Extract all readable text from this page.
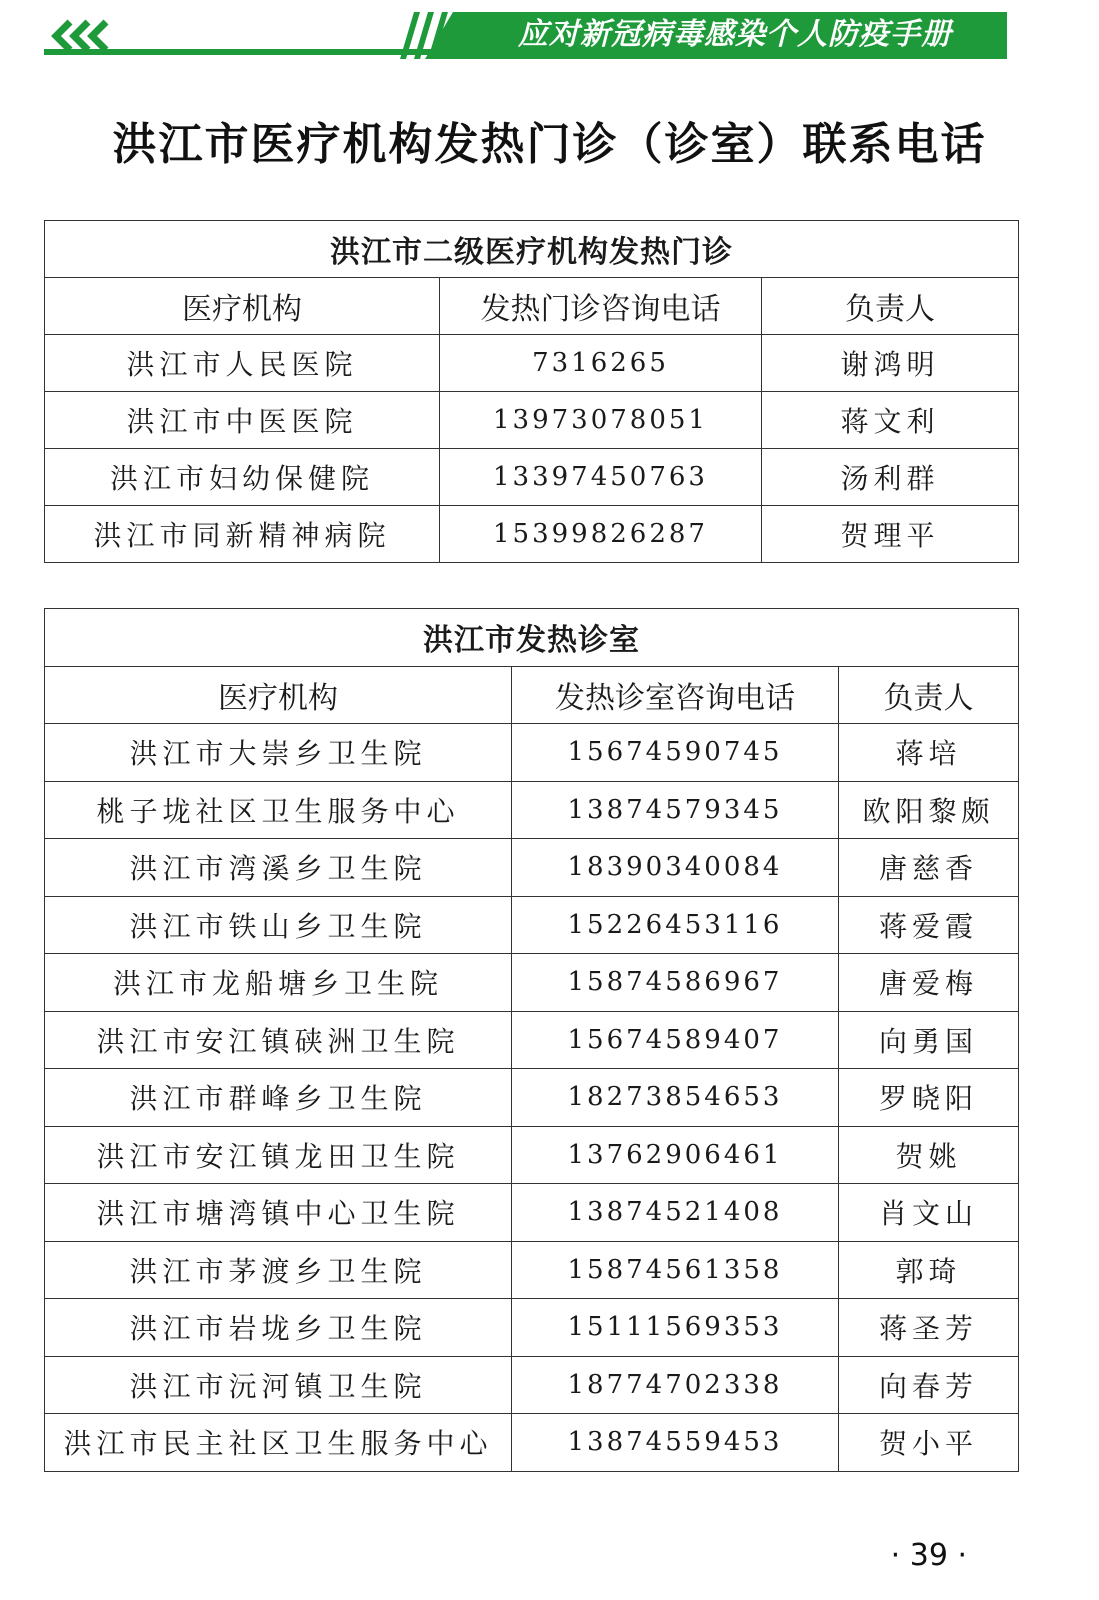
应对新冠病毒感染个人防疫手册
洪江市医疗机构发热门诊（诊室）联系电话
洪江市二级医疗机构发热门诊		
医疗机构	发热门诊咨询电话	负责人
洪江市人民医院	7316265	谢鸿明
洪江市中医医院	13973078051	蒋文利
洪江市妇幼保健院	13397450763	汤利群
洪江市同新精神病院	15399826287	贺理平
洪江市发热诊室		
医疗机构	发热诊室咨询电话	负责人
洪江市大崇乡卫生院	15674590745	蒋培
桃子垅社区卫生服务中心	13874579345	欧阳黎颇
洪江市湾溪乡卫生院	18390340084	唐慈香
洪江市铁山乡卫生院	15226453116	蒋爱霞
洪江市龙船塘乡卫生院	15874586967	唐爱梅
洪江市安江镇硖洲卫生院	15674589407	向勇国
洪江市群峰乡卫生院	18273854653	罗晓阳
洪江市安江镇龙田卫生院	13762906461	贺姚
洪江市塘湾镇中心卫生院	13874521408	肖文山
洪江市茅渡乡卫生院	15874561358	郭琦
洪江市岩垅乡卫生院	15111569353	蒋圣芳
洪江市沅河镇卫生院	18774702338	向春芳
洪江市民主社区卫生服务中心	13874559453	贺小平
· 39 ·
